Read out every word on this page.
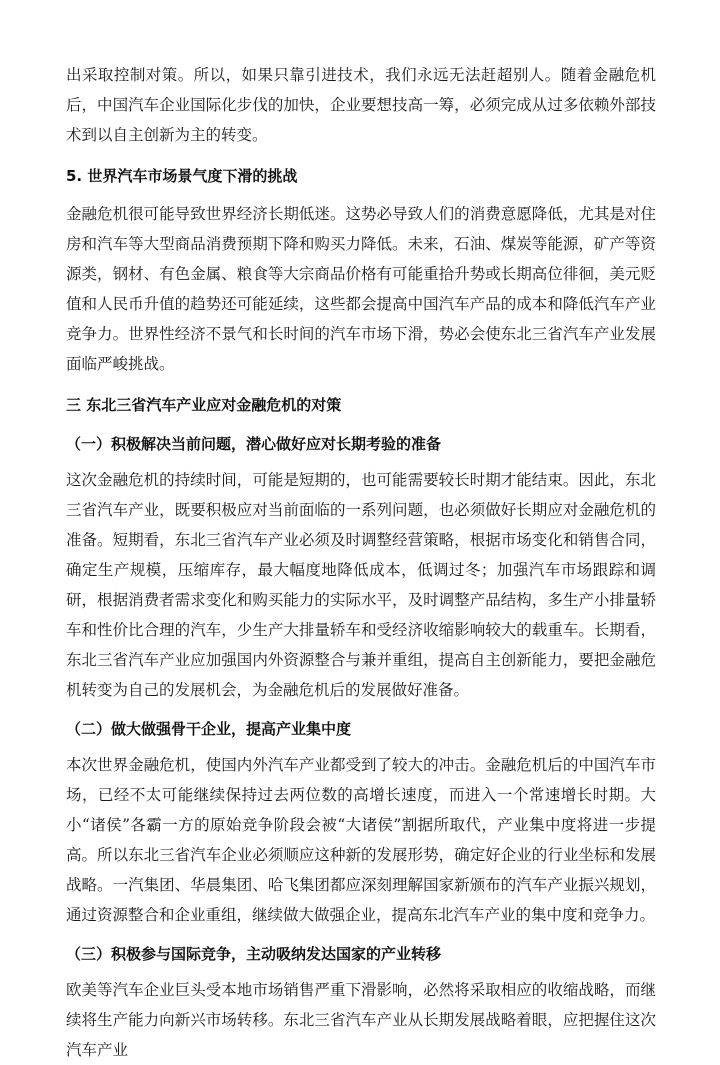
出采取控制对策。所以，如果只靠引进技术，我们永远无法赶超别人。随着金融危机后，中国汽车企业国际化步伐的加快，企业要想技高一筹，必须完成从过多依赖外部技术到以自主创新为主的转变。

5. 世界汽车市场景气度下滑的挑战

金融危机很可能导致世界经济长期低迷。这势必导致人们的消费意愿降低，尤其是对住房和汽车等大型商品消费预期下降和购买力降低。未来，石油、煤炭等能源，矿产等资源类，钢材、有色金属、粮食等大宗商品价格有可能重拾升势或长期高位徘徊，美元贬值和人民币升值的趋势还可能延续，这些都会提高中国汽车产品的成本和降低汽车产业竞争力。世界性经济不景气和长时间的汽车市场下滑，势必会使东北三省汽车产业发展面临严峻挑战。

三 东北三省汽车产业应对金融危机的对策
（一）积极解决当前问题，潜心做好应对长期考验的准备

这次金融危机的持续时间，可能是短期的，也可能需要较长时期才能结束。因此，东北三省汽车产业，既要积极应对当前面临的一系列问题，也必须做好长期应对金融危机的准备。短期看，东北三省汽车产业必须及时调整经营策略，根据市场变化和销售合同，确定生产规模，压缩库存，最大幅度地降低成本，低调过冬；加强汽车市场跟踪和调研，根据消费者需求变化和购买能力的实际水平，及时调整产品结构，多生产小排量轿车和性价比合理的汽车，少生产大排量轿车和受经济收缩影响较大的载重车。长期看，东北三省汽车产业应加强国内外资源整合与兼并重组，提高自主创新能力，要把金融危机转变为自己的发展机会，为金融危机后的发展做好准备。

（二）做大做强骨干企业，提高产业集中度

本次世界金融危机，使国内外汽车产业都受到了较大的冲击。金融危机后的中国汽车市场，已经不太可能继续保持过去两位数的高增长速度，而进入一个常速增长时期。大小“诸侯”各霸一方的原始竞争阶段会被“大诸侯”割据所取代，产业集中度将进一步提高。所以东北三省汽车企业必须顺应这种新的发展形势，确定好企业的行业坐标和发展战略。一汽集团、华晨集团、哈飞集团都应深刻理解国家新颁布的汽车产业振兴规划，通过资源整合和企业重组，继续做大做强企业，提高东北汽车产业的集中度和竞争力。

（三）积极参与国际竞争，主动吸纳发达国家的产业转移

欧美等汽车企业巨头受本地市场销售严重下滑影响，必然将采取相应的收缩战略，而继续将生产能力向新兴市场转移。东北三省汽车产业从长期发展战略着眼，应把握住这次汽车产业
